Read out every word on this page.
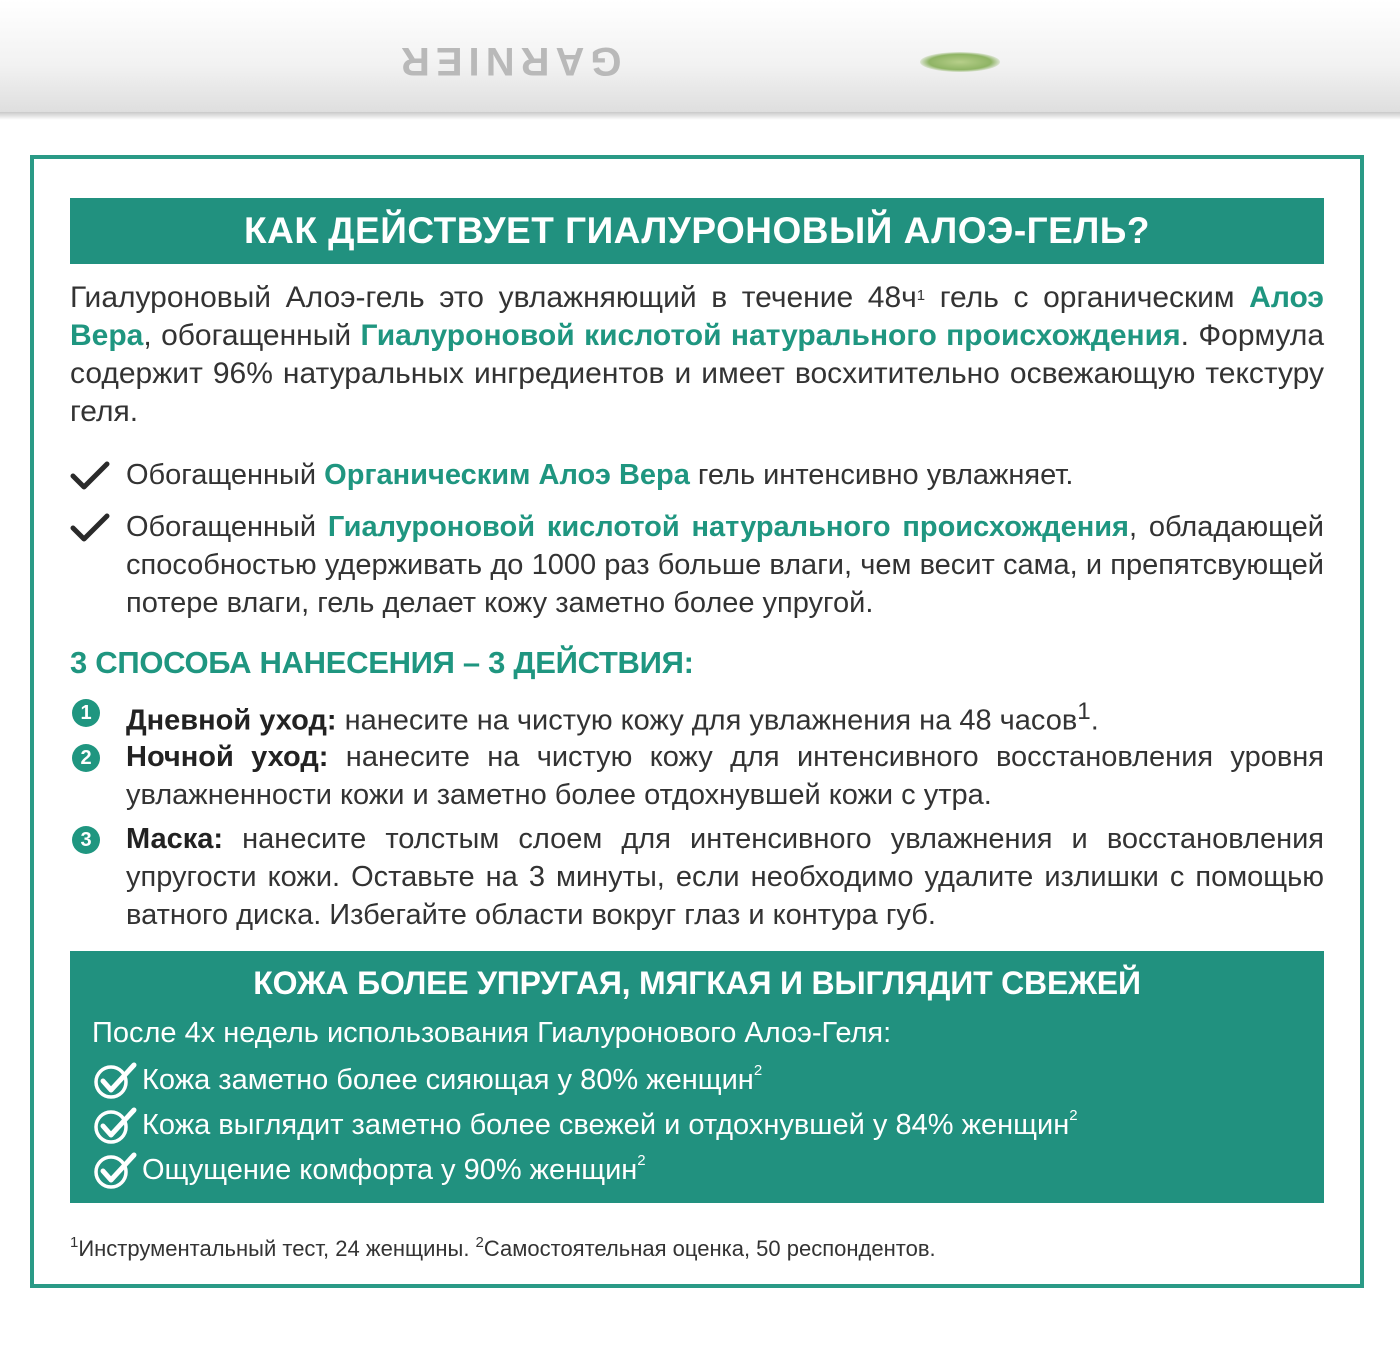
GARNIER
КАК ДЕЙСТВУЕТ ГИАЛУРОНОВЫЙ АЛОЭ-ГЕЛЬ?
Гиалуроновый Алоэ-гель это увлажняющий в течение $48ч^1$ гель с органическим Алоэ Вера, обогащенный Гиалуроновой кислотой натурального происхождения. Формула содержит 96% натуральных ингредиентов и имеет восхитительно освежающую текстуру геля.
Обогащенный Органическим Алоэ Вера гель интенсивно увлажняет.
Обогащенный Гиалуроновой кислотой натурального происхождения, обладающей способностью удерживать до 1000 раз больше влаги, чем весит сама, и препятсвующей потере влаги, гель делает кожу заметно более упругой.
3 СПОСОБА НАНЕСЕНИЯ – 3 ДЕЙСТВИЯ:
1 Дневной уход: нанесите на чистую кожу для увлажнения на 48 часов$^1$.
2 Ночной уход: нанесите на чистую кожу для интенсивного восстановления уровня увлажненности кожи и заметно более отдохнувшей кожи с утра.
3 Маска: нанесите толстым слоем для интенсивного увлажнения и восстановления упругости кожи. Оставьте на 3 минуты, если необходимо удалите излишки с помощью ватного диска. Избегайте области вокруг глаз и контура губ.
КОЖА БОЛЕЕ УПРУГАЯ, МЯГКАЯ И ВЫГЛЯДИТ СВЕЖЕЙ
После 4х недель использования Гиалуронового Алоэ-Геля:
Кожа заметно более сияющая у 80% женщин$^2$
Кожа выглядит заметно более свежей и отдохнувшей у 84% женщин$^2$
Ощущение комфорта у 90% женщин$^2$
$^1$Инструментальный тест, 24 женщины. $^2$Самостоятельная оценка, 50 респондентов.
